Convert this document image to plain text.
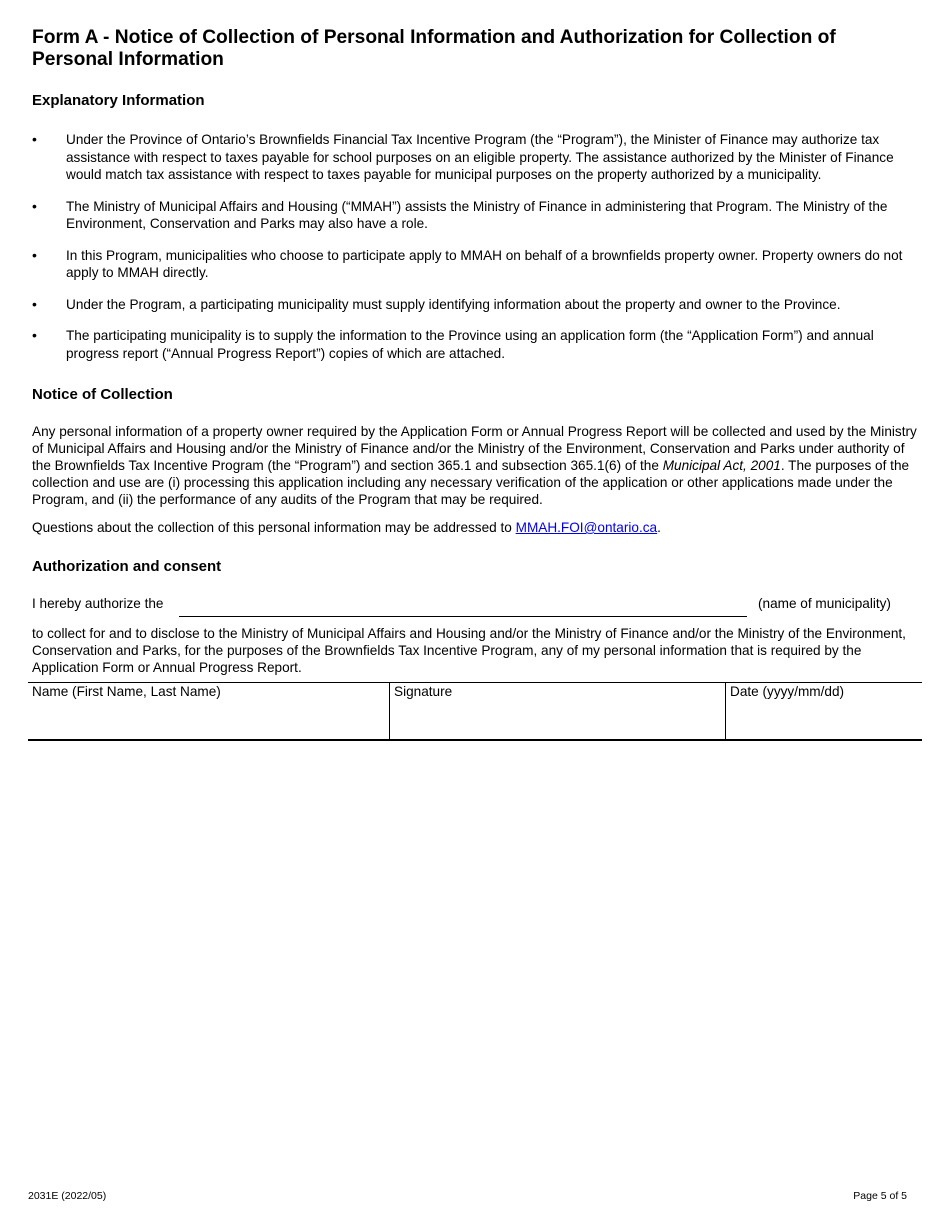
Form A - Notice of Collection of Personal Information and Authorization for Collection of Personal Information
Explanatory Information
• Under the Province of Ontario’s Brownfields Financial Tax Incentive Program (the “Program”), the Minister of Finance may authorize tax assistance with respect to taxes payable for school purposes on an eligible property. The assistance authorized by the Minister of Finance would match tax assistance with respect to taxes payable for municipal purposes on the property authorized by a municipality.
• The Ministry of Municipal Affairs and Housing (“MMAH”) assists the Ministry of Finance in administering that Program. The Ministry of the Environment, Conservation and Parks may also have a role.
• In this Program, municipalities who choose to participate apply to MMAH on behalf of a brownfields property owner. Property owners do not apply to MMAH directly.
• Under the Program, a participating municipality must supply identifying information about the property and owner to the Province.
• The participating municipality is to supply the information to the Province using an application form (the “Application Form”) and annual progress report (“Annual Progress Report”) copies of which are attached.
Notice of Collection
Any personal information of a property owner required by the Application Form or Annual Progress Report will be collected and used by the Ministry of Municipal Affairs and Housing and/or the Ministry of Finance and/or the Ministry of the Environment, Conservation and Parks under authority of the Brownfields Tax Incentive Program (the “Program”) and section 365.1 and subsection 365.1(6) of the Municipal Act, 2001. The purposes of the collection and use are (i) processing this application including any necessary verification of the application or other applications made under the Program, and (ii) the performance of any audits of the Program that may be required.
Questions about the collection of this personal information may be addressed to MMAH.FOI@ontario.ca.
Authorization and consent
I hereby authorize the	(name of municipality)
to collect for and to disclose to the Ministry of Municipal Affairs and Housing and/or the Ministry of Finance and/or the Ministry of the Environment, Conservation and Parks, for the purposes of the Brownfields Tax Incentive Program, any of my personal information that is required by the Application Form or Annual Progress Report.
Name (First Name, Last Name)	Signature	Date (yyyy/mm/dd)
2031E (2022/05)	Page 5 of 5
